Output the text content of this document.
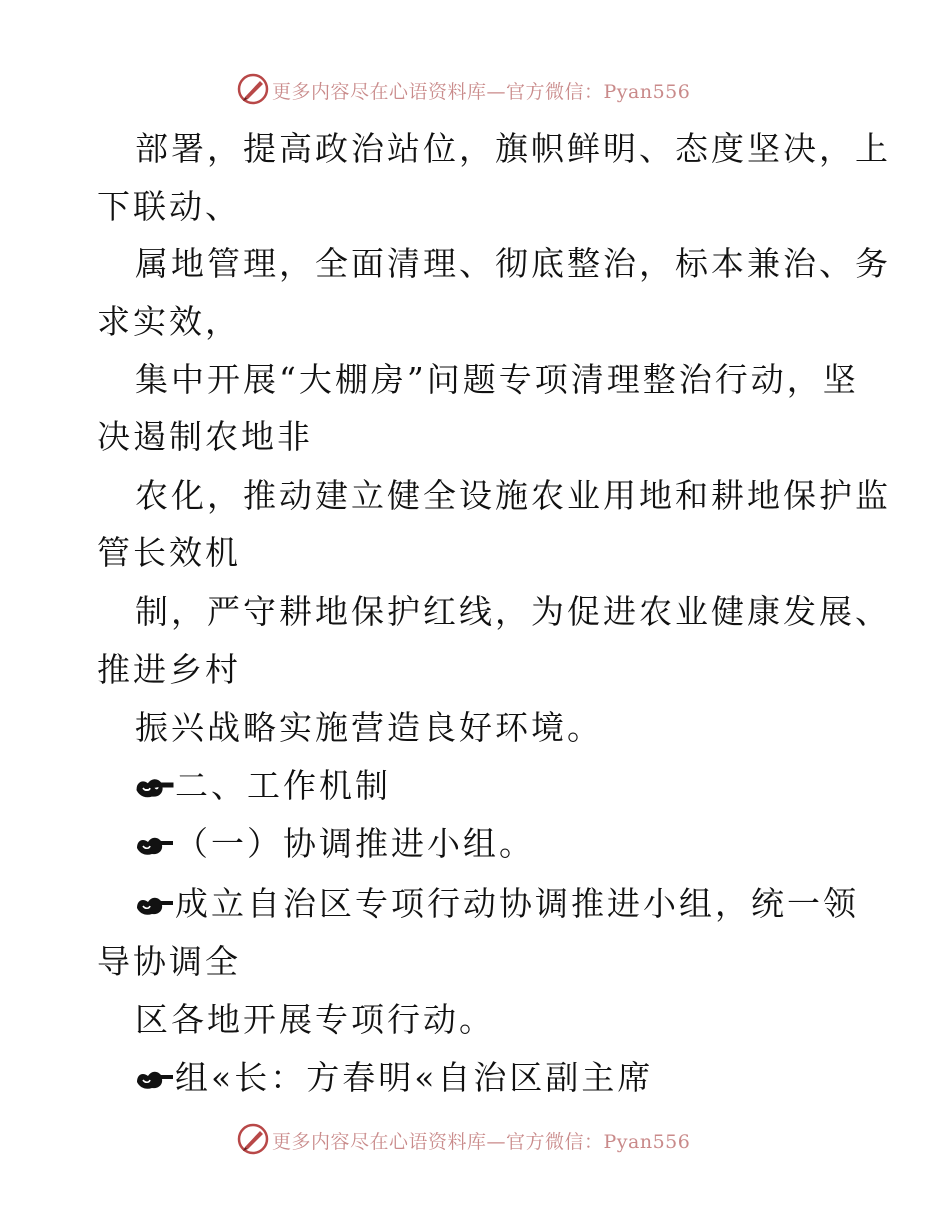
更多内容尽在心语资料库—官方微信：Pyan556
部署，提高政治站位，旗帜鲜明、态度坚决，上
下联动、
属地管理，全面清理、彻底整治，标本兼治、务
求实效，
集中开展“大棚房”问题专项清理整治行动，坚
决遏制农地非
农化，推动建立健全设施农业用地和耕地保护监
管长效机
制，严守耕地保护红线，为促进农业健康发展、
推进乡村
振兴战略实施营造良好环境。
二、工作机制
（一）协调推进小组。
成立自治区专项行动协调推进小组，统一领
导协调全
区各地开展专项行动。
组«长：方春明«自治区副主席
更多内容尽在心语资料库—官方微信：Pyan556
